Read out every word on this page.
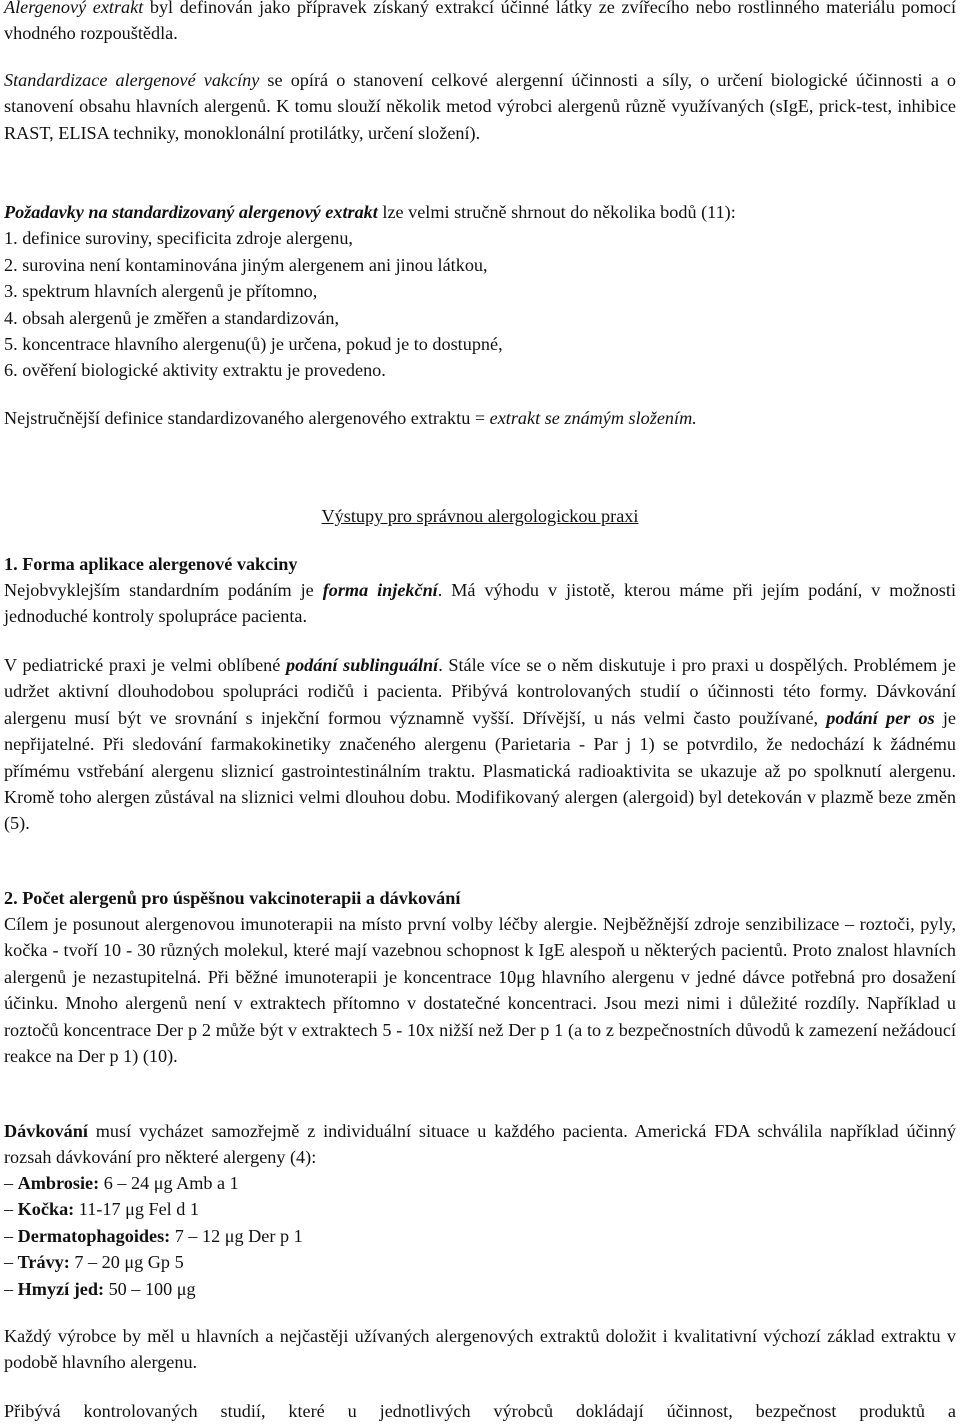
Alergenový extrakt byl definován jako přípravek získaný extrakcí účinné látky ze zvířecího nebo rostlinného materiálu pomocí vhodného rozpouštědla.

Standardizace alergenové vakcíny se opírá o stanovení celkové alergenní účinnosti a síly, o určení biologické účinnosti a o stanovení obsahu hlavních alergenů. K tomu slouží několik metod výrobci alergenů různě využívaných (sIgE, prick-test, inhibice RAST, ELISA techniky, monoklonální protilátky, určení složení).

Požadavky na standardizovaný alergenový extrakt lze velmi stručně shrnout do několika bodů (11):
1. definice suroviny, specificita zdroje alergenu,
2. surovina není kontaminována jiným alergenem ani jinou látkou,
3. spektrum hlavních alergenů je přítomno,
4. obsah alergenů je změřen a standardizován,
5. koncentrace hlavního alergenu(ů) je určena, pokud je to dostupné,
6. ověření biologické aktivity extraktu je provedeno.

Nejstručnější definice standardizovaného alergenového extraktu = extrakt se známým složením.

Výstupy pro správnou alergologickou praxi

1. Forma aplikace alergenové vakciny

Nejobvyklejším standardním podáním je forma injekční. Má výhodu v jistotě, kterou máme při jejím podání, v možnosti jednoduché kontroly spolupráce pacienta.

V pediatrické praxi je velmi oblíbené podání sublinguální. Stále více se o něm diskutuje i pro praxi u dospělých. Problémem je udržet aktivní dlouhodobou spolupráci rodičů i pacienta. Přibývá kontrolovaných studií o účinnosti této formy. Dávkování alergenu musí být ve srovnání s injekční formou významně vyšší. Dřívější, u nás velmi často používané, podání per os je nepřijatelné. Při sledování farmakokinetiky značeného alergenu (Parietaria - Par j 1) se potvrdilo, že nedochází k žádnému přímému vstřebání alergenu sliznicí gastrointestinálním traktu. Plasmatická radioaktivita se ukazuje až po spolknutí alergenu. Kromě toho alergen zůstával na sliznici velmi dlouhou dobu. Modifikovaný alergen (alergoid) byl detekován v plazmě beze změn (5).

2. Počet alergenů pro úspěšnou vakcinoterapii a dávkování

Cílem je posunout alergenovou imunoterapii na místo první volby léčby alergie. Nejběžnější zdroje senzibilizace – roztoči, pyly, kočka - tvoří 10 - 30 různých molekul, které mají vazebnou schopnost k IgE alespoň u některých pacientů. Proto znalost hlavních alergenů je nezastupitelná. Při běžné imunoterapii je koncentrace 10μg hlavního alergenu v jedné dávce potřebná pro dosažení účinku. Mnoho alergenů není v extraktech přítomno v dostatečné koncentraci. Jsou mezi nimi i důležité rozdíly. Například u roztočů koncentrace Der p 2 může být v extraktech 5 - 10x nižší než Der p 1 (a to z bezpečnostních důvodů k zamezení nežádoucí reakce na Der p 1) (10).

Dávkování musí vycházet samozřejmě z individuální situace u každého pacienta. Americká FDA schválila například účinný rozsah dávkování pro některé alergeny (4):

– Ambrosie: 6 – 24 μg Amb a 1
– Kočka: 11-17 μg Fel d 1
– Dermatophagoides: 7 – 12 μg Der p 1
– Trávy: 7 – 20 μg Gp 5
– Hmyzí jed: 50 – 100 μg

Každý výrobce by měl u hlavních a nejčastěji užívaných alergenových extraktů doložit i kvalitativní výchozí základ extraktu v podobě hlavního alergenu.

Přibývá kontrolovaných studií, které u jednotlivých výrobců dokládají účinnost, bezpečnost produktů a
